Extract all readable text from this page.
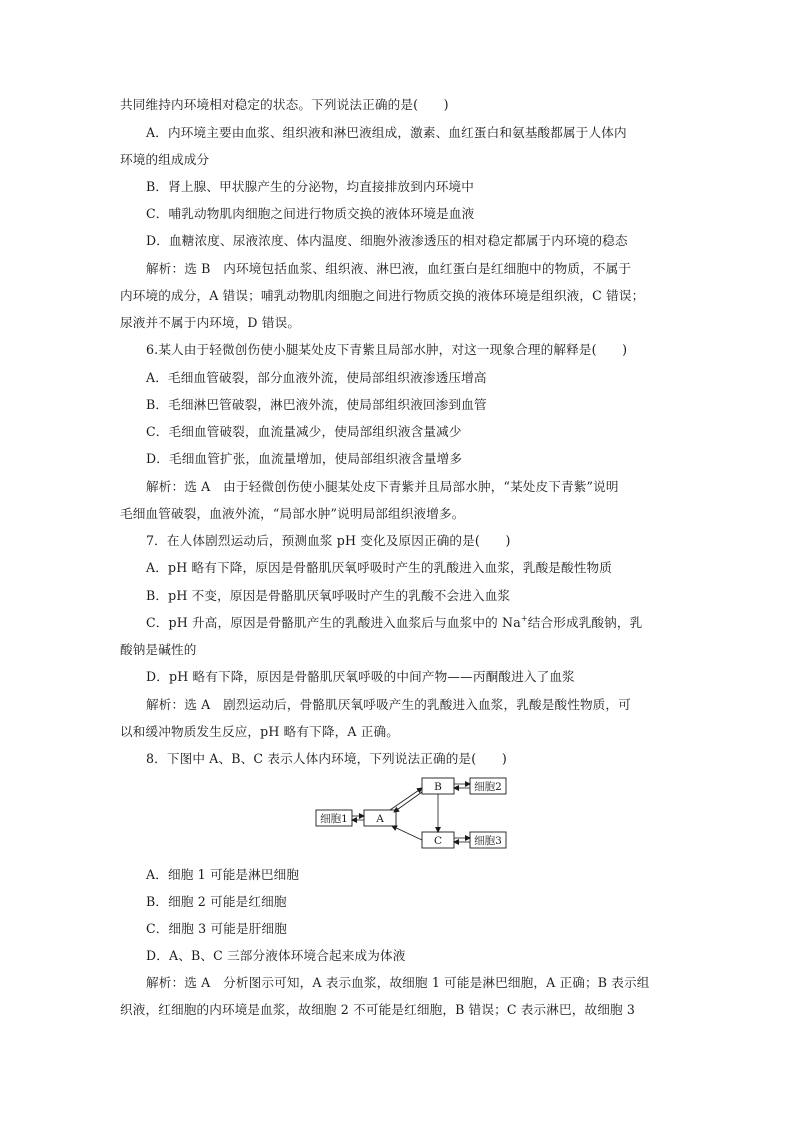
共同维持内环境相对稳定的状态。下列说法正确的是(　　)
A．内环境主要由血浆、组织液和淋巴液组成，激素、血红蛋白和氨基酸都属于人体内
环境的组成成分
B．肾上腺、甲状腺产生的分泌物，均直接排放到内环境中
C．哺乳动物肌肉细胞之间进行物质交换的液体环境是血液
D．血糖浓度、尿液浓度、体内温度、细胞外液渗透压的相对稳定都属于内环境的稳态
解析：选 B　内环境包括血浆、组织液、淋巴液，血红蛋白是红细胞中的物质，不属于
内环境的成分，A 错误；哺乳动物肌肉细胞之间进行物质交换的液体环境是组织液，C 错误；
尿液并不属于内环境，D 错误。
6.某人由于轻微创伤使小腿某处皮下青紫且局部水肿，对这一现象合理的解释是(　　)
A．毛细血管破裂，部分血液外流，使局部组织液渗透压增高
B．毛细淋巴管破裂，淋巴液外流，使局部组织液回渗到血管
C．毛细血管破裂，血流量减少，使局部组织液含量减少
D．毛细血管扩张，血流量增加，使局部组织液含量增多
解析：选 A　由于轻微创伤使小腿某处皮下青紫并且局部水肿，“某处皮下青紫”说明
毛细血管破裂，血液外流，“局部水肿”说明局部组织液增多。
7．在人体剧烈运动后，预测血浆 pH 变化及原因正确的是(　　)
A．pH 略有下降，原因是骨骼肌厌氧呼吸时产生的乳酸进入血浆，乳酸是酸性物质
B．pH 不变，原因是骨骼肌厌氧呼吸时产生的乳酸不会进入血浆
C．pH 升高，原因是骨骼肌产生的乳酸进入血浆后与血浆中的 Na+结合形成乳酸钠，乳
酸钠是碱性的
D．pH 略有下降，原因是骨骼肌厌氧呼吸的中间产物——丙酮酸进入了血浆
解析：选 A　剧烈运动后，骨骼肌厌氧呼吸产生的乳酸进入血浆，乳酸是酸性物质，可
以和缓冲物质发生反应，pH 略有下降，A 正确。
8．下图中 A、B、C 表示人体内环境，下列说法正确的是(　　)
B	细胞2
细胞1	A
C	细胞3
A．细胞 1 可能是淋巴细胞
B．细胞 2 可能是红细胞
C．细胞 3 可能是肝细胞
D．A、B、C 三部分液体环境合起来成为体液
解析：选 A　分析图示可知，A 表示血浆，故细胞 1 可能是淋巴细胞，A 正确；B 表示组
织液，红细胞的内环境是血浆，故细胞 2 不可能是红细胞，B 错误；C 表示淋巴，故细胞 3
